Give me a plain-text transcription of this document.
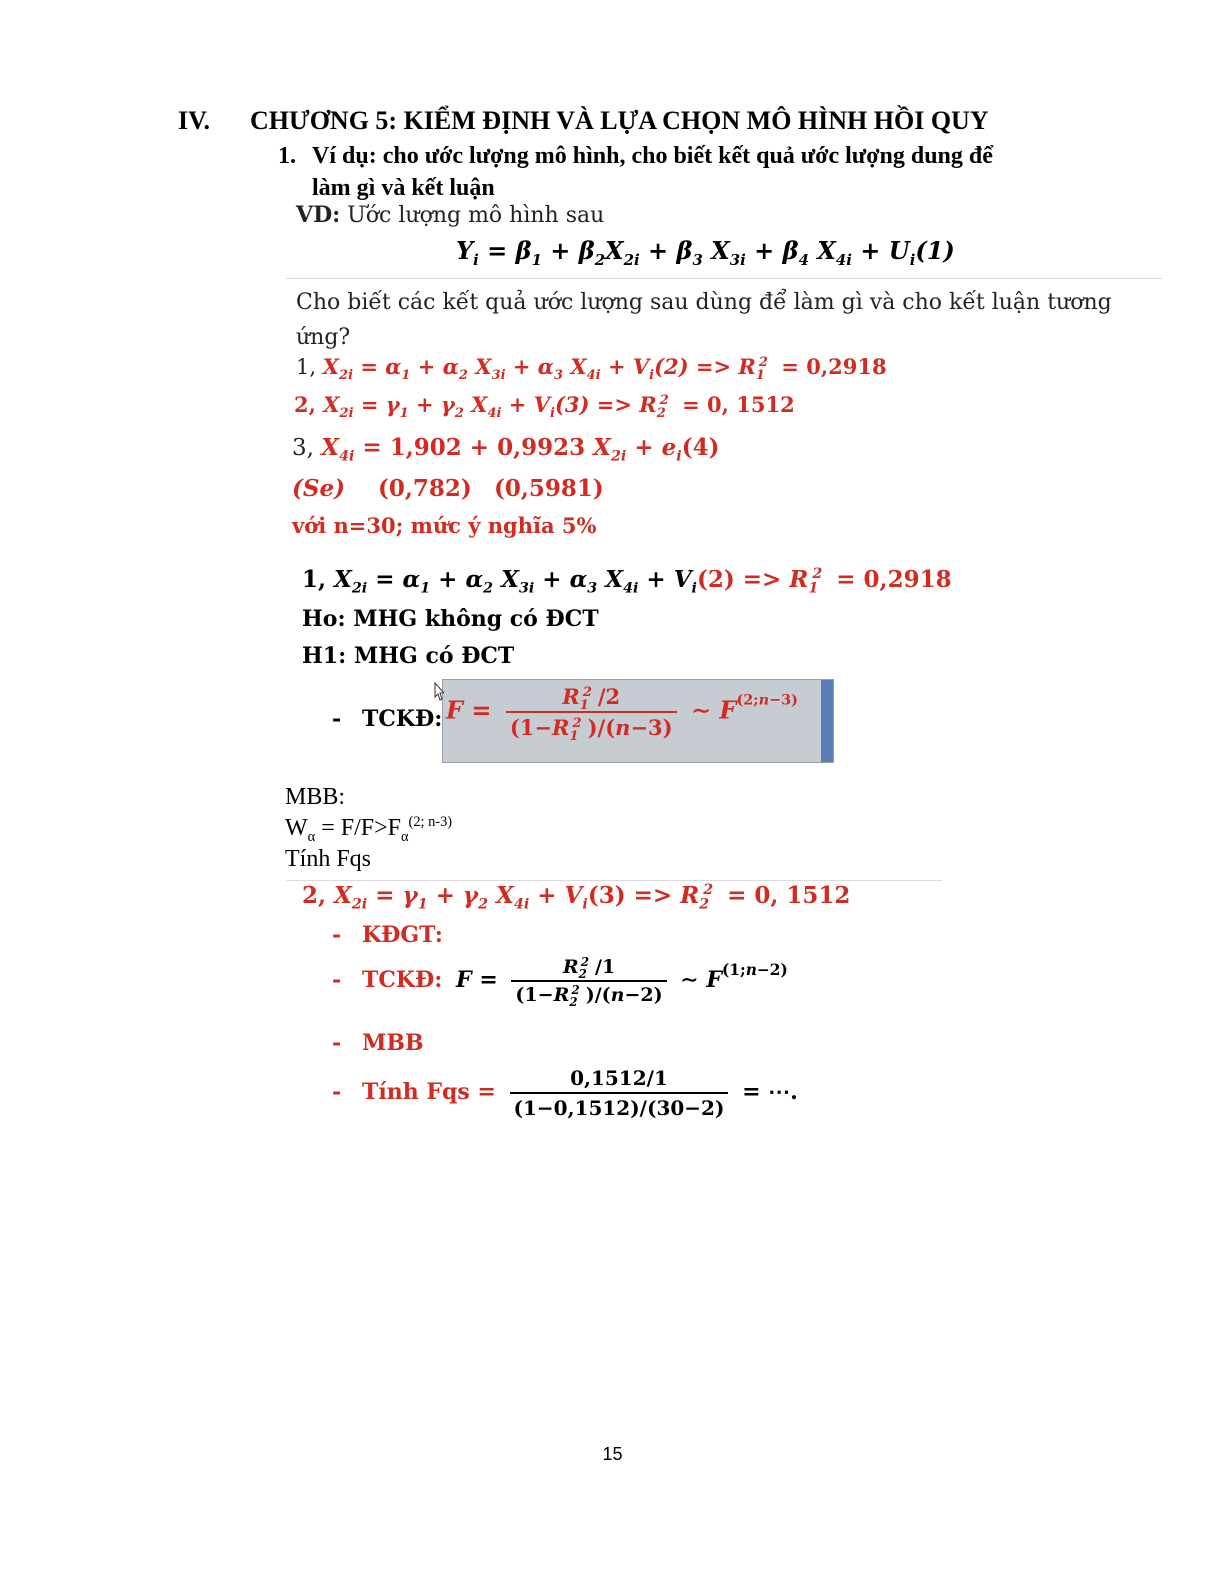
IV. CHƯƠNG 5: KIỂM ĐỊNH VÀ LỰA CHỌN MÔ HÌNH HỒI QUY
1. Ví dụ: cho ước lượng mô hình, cho biết kết quả ước lượng dung để
làm gì và kết luận
VD: Ước lượng mô hình sau
$Y_i = \beta_1 + \beta_2X_{2i} + \beta_3$ $X_{3i} + \beta_4$ $X_{4i} + U_i(1)$
Cho biết các kết quả ước lượng sau dùng để làm gì và cho kết luận tương ứng?
1, $X_{2i} = \alpha_1 + \alpha_2$ $X_{3i} + \alpha_3$ $X_{4i} + V_i(2) => R_1^2 = 0,2918$
2, $X_{2i} = \gamma_1 + \gamma_2$ $X_{4i} + V_i(3) => R_2^2 = 0$, 1512
3, $X_{4i} = 1,902 + 0,9923$ $X_{2i} + e_i(4)$
(Se) (0,782) (0,5981)
với n=30; mức ý nghĩa 5%
1, $X_{2i} = \alpha_1 + \alpha_2$ $X_{3i} + \alpha_3$ $X_{4i} + V_i(2) => R_1^2 = 0,2918$
Ho: MHG không có ĐCT
H1: MHG có ĐCT
- TCKĐ: $F = \frac{R_1^2 /2}{(1-R_1^2 )/(n-3)}$ ∼ $F^{(2;n-3)}$
MBB:
$W_\alpha = F/F>F_\alpha^{(2; n-3)}$
Tính Fqs
2, $X_{2i} = \gamma_1 + \gamma_2$ $X_{4i} + V_i(3) => R_2^2 = 0$, 1512
- KĐGT:
- TCKĐ: $F = \frac{R_2^2 /1}{(1-R_2^2 )/(n-2)}$ ∼ $F^{(1;n-2)}$
- MBB
- Tính Fqs = $\frac{0,1512/1}{(1-0,1512)/(30-2)}$ = ⋯.
15
